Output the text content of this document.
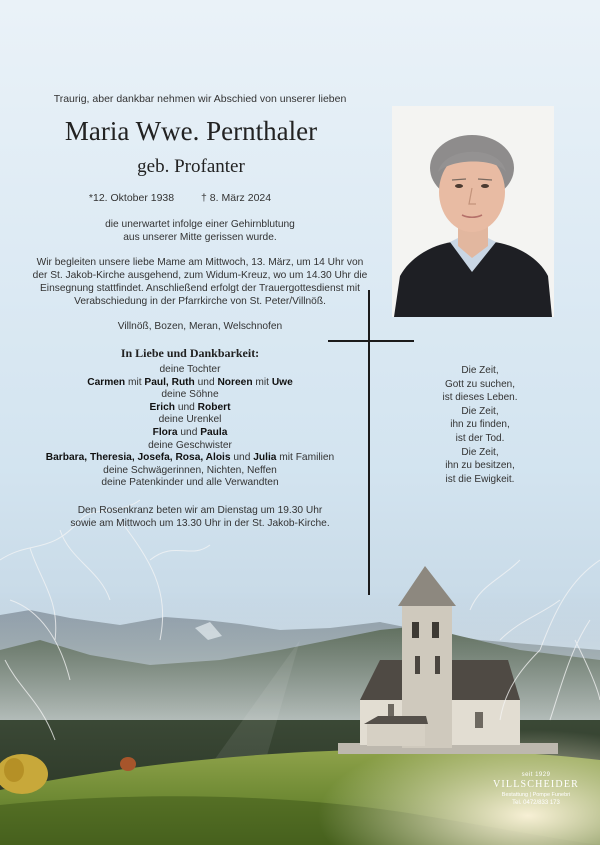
Traurig, aber dankbar nehmen wir Abschied von unserer lieben
Maria Wwe. Pernthaler
geb. Profanter
*12. Oktober 1938	† 8. März 2024
die unerwartet infolge einer Gehirnblutung
aus unserer Mitte gerissen wurde.
Wir begleiten unsere liebe Mame am Mittwoch, 13. März, um 14 Uhr von
der St. Jakob-Kirche ausgehend, zum Widum-Kreuz, wo um 14.30 Uhr die
Einsegnung stattfindet. Anschließend erfolgt der Trauergottesdienst mit
Verabschiedung in der Pfarrkirche von St. Peter/Villnöß.
Villnöß, Bozen, Meran, Welschnofen
In Liebe und Dankbarkeit:
deine Tochter
Carmen mit Paul, Ruth und Noreen mit Uwe
deine Söhne
Erich und Robert
deine Urenkel
Flora und Paula
deine Geschwister
Barbara, Theresia, Josefa, Rosa, Alois und Julia mit Familien
deine Schwägerinnen, Nichten, Neffen
deine Patenkinder und alle Verwandten
Den Rosenkranz beten wir am Dienstag um 19.30 Uhr
sowie am Mittwoch um 13.30 Uhr in der St. Jakob-Kirche.
Die Zeit,
Gott zu suchen,
ist dieses Leben.
Die Zeit,
ihn zu finden,
ist der Tod.
Die Zeit,
ihn zu besitzen,
ist die Ewigkeit.
seit 1929
VILLSCHEIDER
Bestattung | Pompe Funebri
Tel. 0472/833 173
